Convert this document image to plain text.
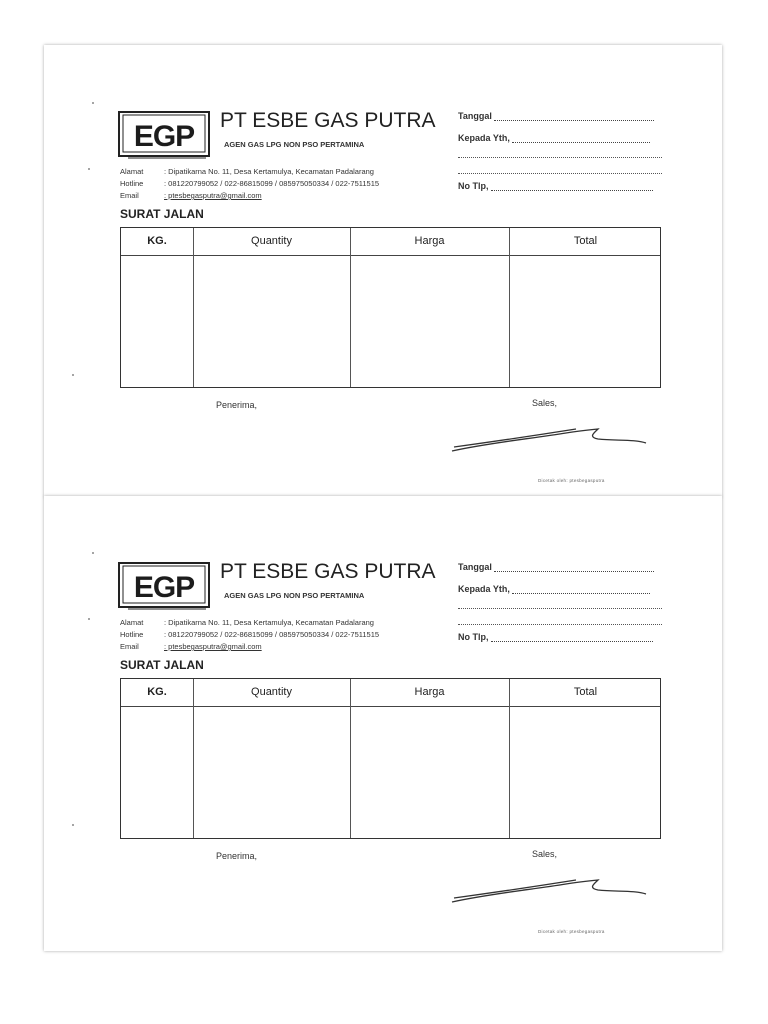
EGP PT ESBE GAS PUTRA
AGEN GAS LPG NON PSO PERTAMINA
Alamat	: Dipatikarna No. 11, Desa Kertamulya, Kecamatan Padalarang
Hotline	: 081220799052 / 022-86815099 / 085975050334 / 022-7511515
Email	: ptesbegasputra@gmail.com
SURAT JALAN
Tanggal
Kepada Yth,
No Tlp,
KG.	Quantity	Harga	Total
Penerima,	Sales,
Dicetak oleh: ptesbegasputra
EGP PT ESBE GAS PUTRA
AGEN GAS LPG NON PSO PERTAMINA
Alamat	: Dipatikarna No. 11, Desa Kertamulya, Kecamatan Padalarang
Hotline	: 081220799052 / 022-86815099 / 085975050334 / 022-7511515
Email	: ptesbegasputra@gmail.com
SURAT JALAN
Tanggal
Kepada Yth,
No Tlp,
KG.	Quantity	Harga	Total
Penerima,	Sales,
Dicetak oleh: ptesbegasputra
